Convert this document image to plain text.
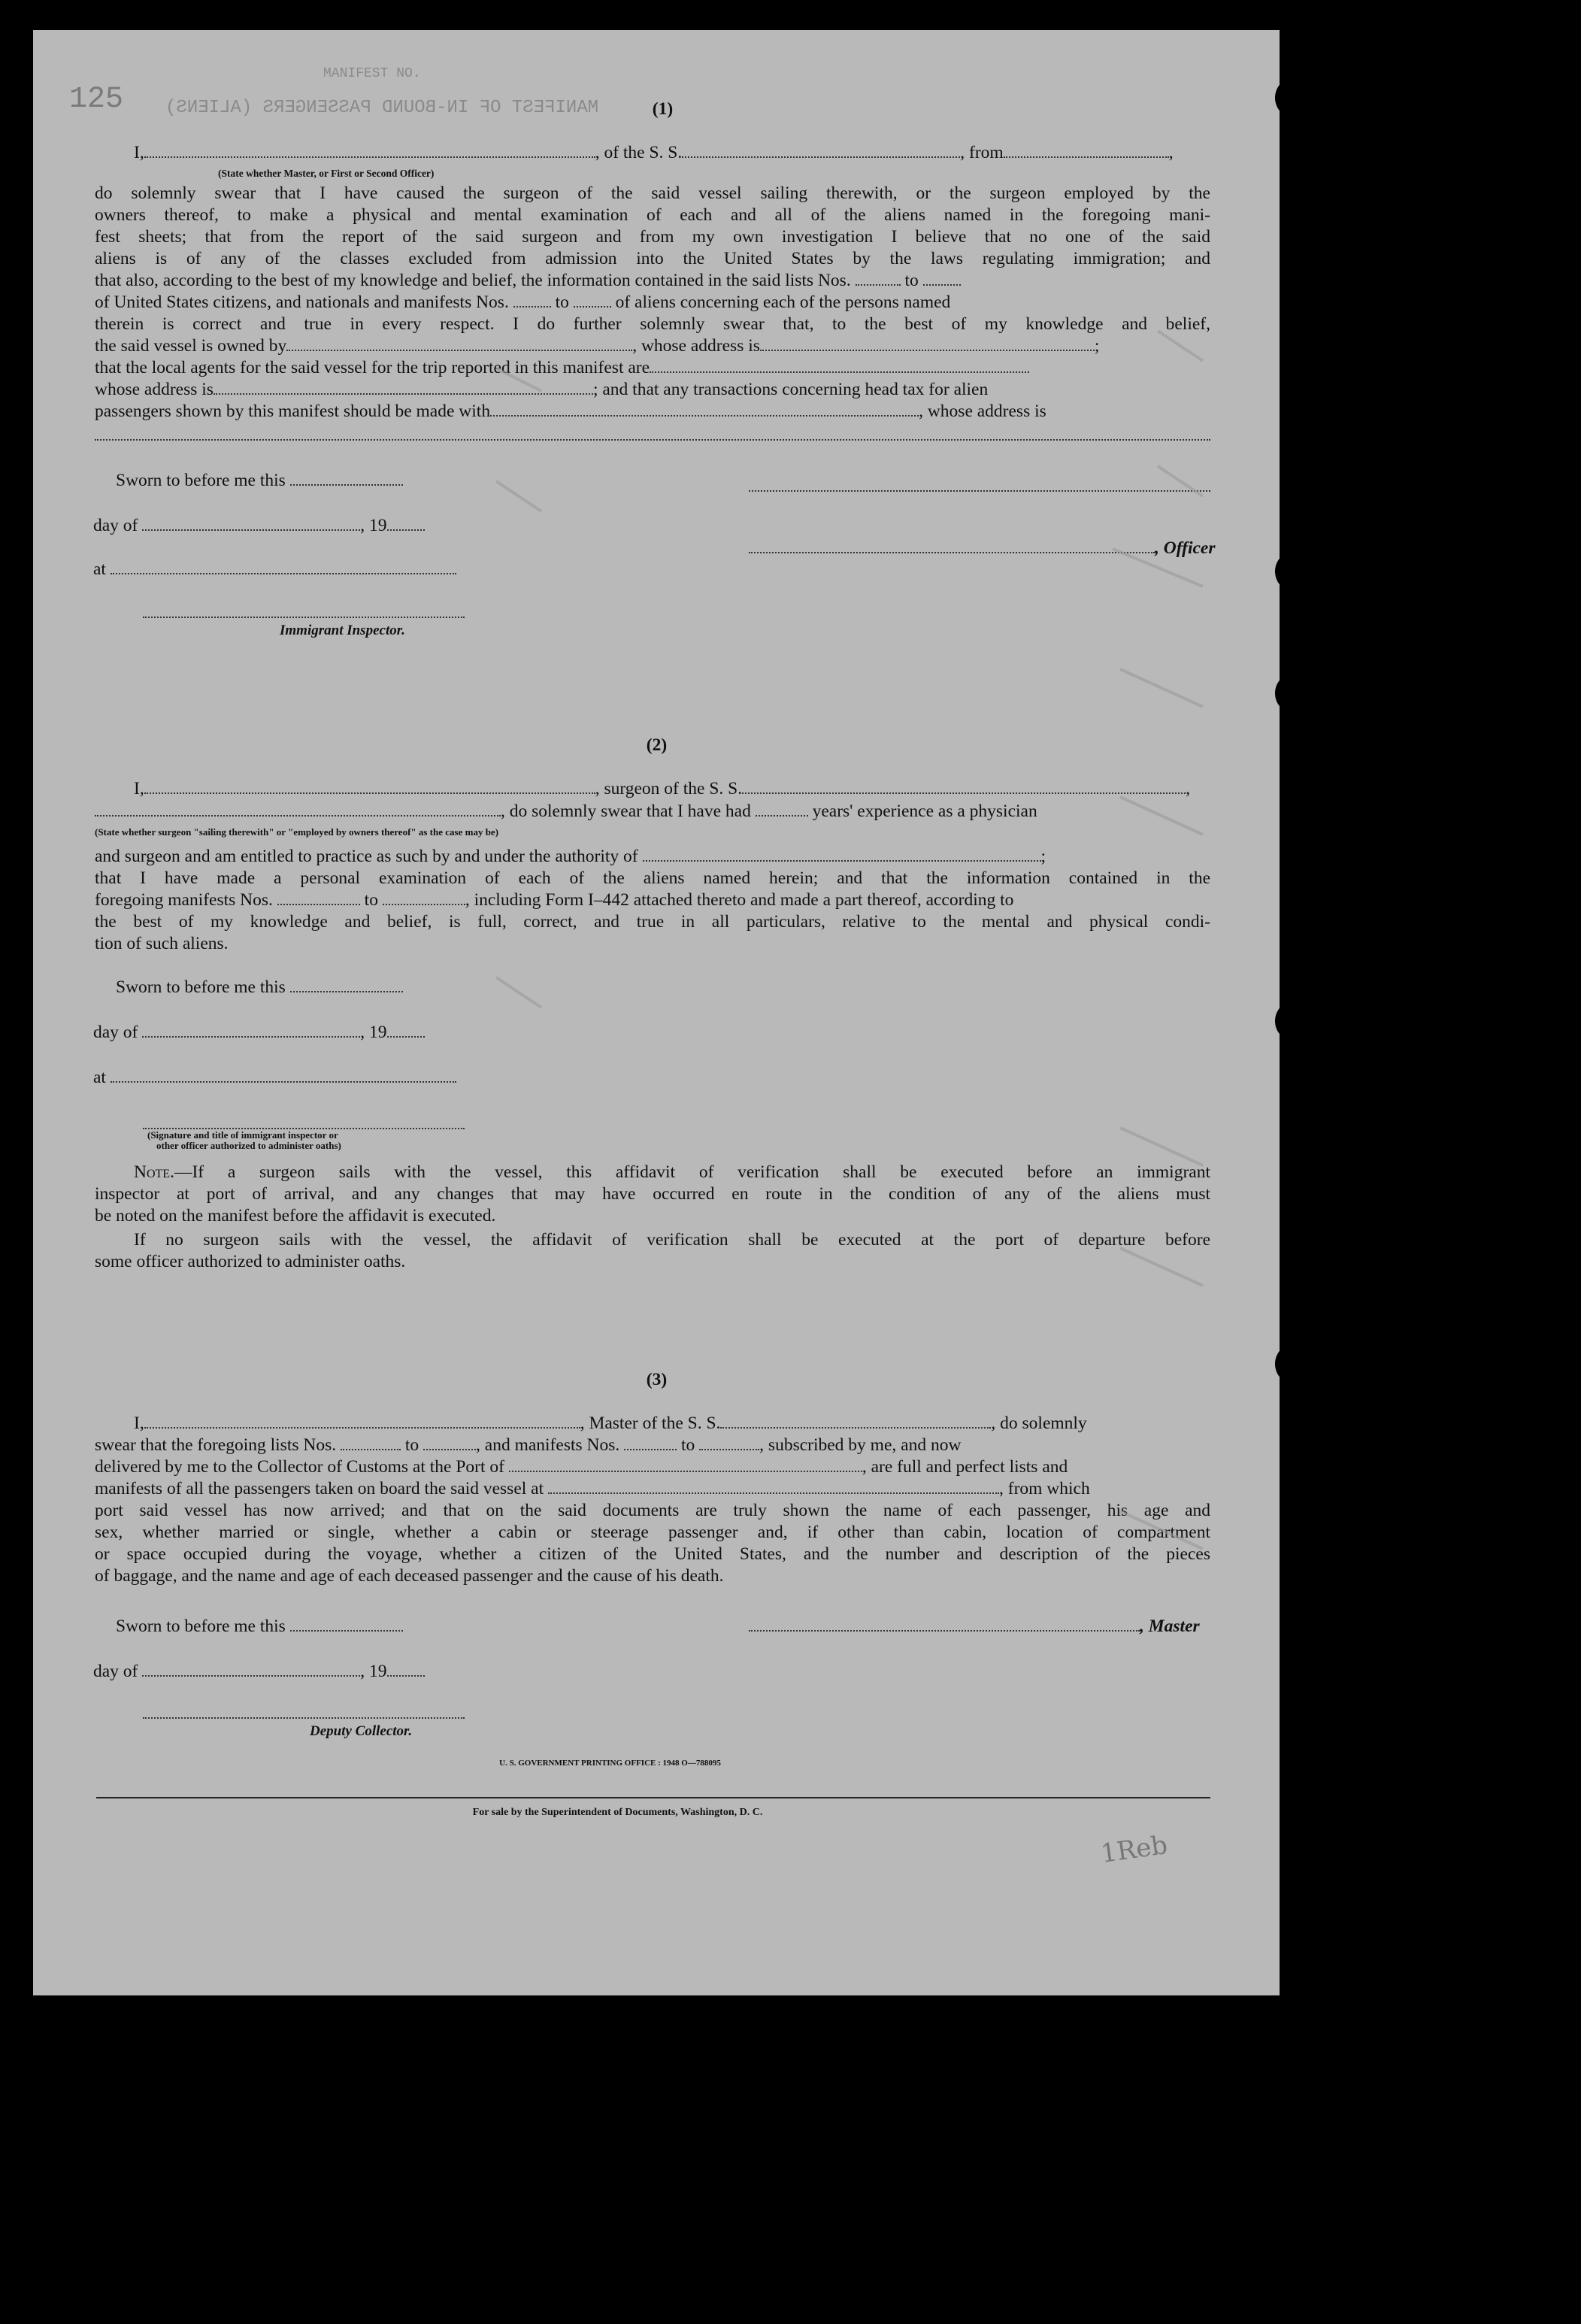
MANIFEST NO.
MANIFEST OF IN-BOUND PASSENGERS (ALIENS)
125	(1)
I,	, of the S. S.	, from	,
(State whether Master, or First or Second Officer)
do solemnly swear that I have caused the surgeon of the said vessel sailing therewith, or the surgeon employed by the
owners thereof, to make a physical and mental examination of each and all of the aliens named in the foregoing mani-
fest sheets; that from the report of the said surgeon and from my own investigation I believe that no one of the said
aliens is of any of the classes excluded from admission into the United States by the laws regulating immigration; and
that also, according to the best of my knowledge and belief, the information contained in the said lists Nos.	to
of United States citizens, and nationals and manifests Nos.	to	of aliens concerning each of the persons named
therein is correct and true in every respect. I do further solemnly swear that, to the best of my knowledge and belief,
the said vessel is owned by	, whose address is	;
that the local agents for the said vessel for the trip reported in this manifest are
whose address is	; and that any transactions concerning head tax for alien
passengers shown by this manifest should be made with	, whose address is
Sworn to before me this
day of	, 19
, Officer
at
Immigrant Inspector.
(2)
I,	, surgeon of the S. S.	,
, do solemnly swear that I have had	years' experience as a physician
(State whether surgeon "sailing therewith" or "employed by owners thereof" as the case may be)
and surgeon and am entitled to practice as such by and under the authority of	;
that I have made a personal examination of each of the aliens named herein; and that the information contained in the
foregoing manifests Nos.	to	, including Form I–442 attached thereto and made a part thereof, according to
the best of my knowledge and belief, is full, correct, and true in all particulars, relative to the mental and physical condi-
tion of such aliens.
Sworn to before me this
day of	, 19
at
(Signature and title of immigrant inspector or
other officer authorized to administer oaths)
Note.—If a surgeon sails with the vessel, this affidavit of verification shall be executed before an immigrant
inspector at port of arrival, and any changes that may have occurred en route in the condition of any of the aliens must
be noted on the manifest before the affidavit is executed.
If no surgeon sails with the vessel, the affidavit of verification shall be executed at the port of departure before
some officer authorized to administer oaths.
(3)
I,	, Master of the S. S.	, do solemnly
swear that the foregoing lists Nos.	to	, and manifests Nos.	to	, subscribed by me, and now
delivered by me to the Collector of Customs at the Port of	, are full and perfect lists and
manifests of all the passengers taken on board the said vessel at	, from which
port said vessel has now arrived; and that on the said documents are truly shown the name of each passenger, his age and
sex, whether married or single, whether a cabin or steerage passenger and, if other than cabin, location of compartment
or space occupied during the voyage, whether a citizen of the United States, and the number and description of the pieces
of baggage, and the name and age of each deceased passenger and the cause of his death.
Sworn to before me this	, Master
day of	, 19
Deputy Collector.
U. S. GOVERNMENT PRINTING OFFICE : 1948 O—788095
For sale by the Superintendent of Documents, Washington, D. C.
1Reb
